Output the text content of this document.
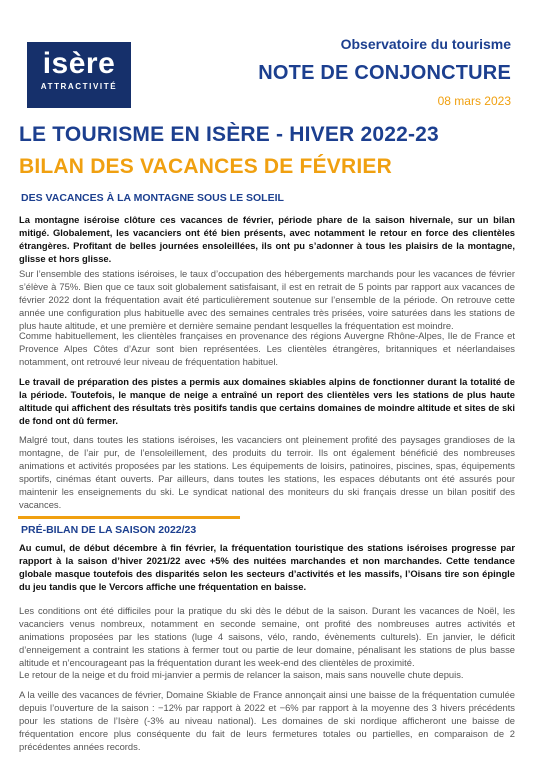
isère
ATTRACTIVITÉ
Observatoire du tourisme
NOTE DE CONJONCTURE
08 mars 2023
LE TOURISME EN ISÈRE - HIVER 2022-23
BILAN DES VACANCES DE FÉVRIER
DES VACANCES À LA MONTAGNE SOUS LE SOLEIL
La montagne iséroise clôture ces vacances de février, période phare de la saison hivernale, sur un bilan mitigé. Globalement, les vacanciers ont été bien présents, avec notamment le retour en force des clientèles étrangères. Profitant de belles journées ensoleillées, ils ont pu s’adonner à tous les plaisirs de la montagne, glisse et hors glisse.
Sur l’ensemble des stations iséroises, le taux d’occupation des hébergements marchands pour les vacances de février s’élève à 75%. Bien que ce taux soit globalement satisfaisant, il est en retrait de 5 points par rapport aux vacances de février 2022 dont la fréquentation avait été particulièrement soutenue sur l’ensemble de la période. On retrouve cette année une configuration plus habituelle avec des semaines centrales très prisées, voire saturées dans les stations de plus haute altitude, et une première et dernière semaine pendant lesquelles la fréquentation est moindre.
Comme habituellement, les clientèles françaises en provenance des régions Auvergne Rhône-Alpes, Ile de France et Provence Alpes Côtes d’Azur sont bien représentées. Les clientèles étrangères, britanniques et néerlandaises notamment, ont retrouvé leur niveau de fréquentation habituel.
Le travail de préparation des pistes a permis aux domaines skiables alpins de fonctionner durant la totalité de la période. Toutefois, le manque de neige a entraîné un report des clientèles vers les stations de plus haute altitude qui affichent des résultats très positifs tandis que certains domaines de moindre altitude et sites de ski de fond ont dû fermer.
Malgré tout, dans toutes les stations iséroises, les vacanciers ont pleinement profité des paysages grandioses de la montagne, de l’air pur, de l’ensoleillement, des produits du terroir. Ils ont également bénéficié des nombreuses animations et activités proposées par les stations. Les équipements de loisirs, patinoires, piscines, spas, équipements sportifs, cinémas étant ouverts. Par ailleurs, dans toutes les stations, les espaces débutants ont été assurés pour maintenir les enseignements du ski. Le syndicat national des moniteurs du ski français dresse un bilan positif des vacances.
PRÉ-BILAN DE LA SAISON 2022/23
Au cumul, de début décembre à fin février, la fréquentation touristique des stations iséroises progresse par rapport à la saison d’hiver 2021/22 avec +5% des nuitées marchandes et non marchandes. Cette tendance globale masque toutefois des disparités selon les secteurs d’activités et les massifs, l’Oisans tire son épingle du jeu tandis que le Vercors affiche une fréquentation en baisse.
Les conditions ont été difficiles pour la pratique du ski dès le début de la saison. Durant les vacances de Noël, les vacanciers venus nombreux, notamment en seconde semaine, ont profité des nombreuses autres activités et animations proposées par les stations (luge 4 saisons, vélo, rando, évènements culturels). En janvier, le déficit d’enneigement a contraint les stations à fermer tout ou partie de leur domaine, pénalisant les stations de plus basse altitude et n’encourageant pas la fréquentation durant les week-end des clientèles de proximité.
Le retour de la neige et du froid mi-janvier a permis de relancer la saison, mais sans nouvelle chute depuis.
A la veille des vacances de février, Domaine Skiable de France annonçait ainsi une baisse de la fréquentation cumulée depuis l’ouverture de la saison : −12% par rapport à 2022 et −6% par rapport à la moyenne des 3 hivers précédents pour les stations de l’Isère (-3% au niveau national). Les domaines de ski nordique afficheront une baisse de fréquentation encore plus conséquente du fait de leurs fermetures totales ou partielles, en comparaison de 2 précédentes années records.
